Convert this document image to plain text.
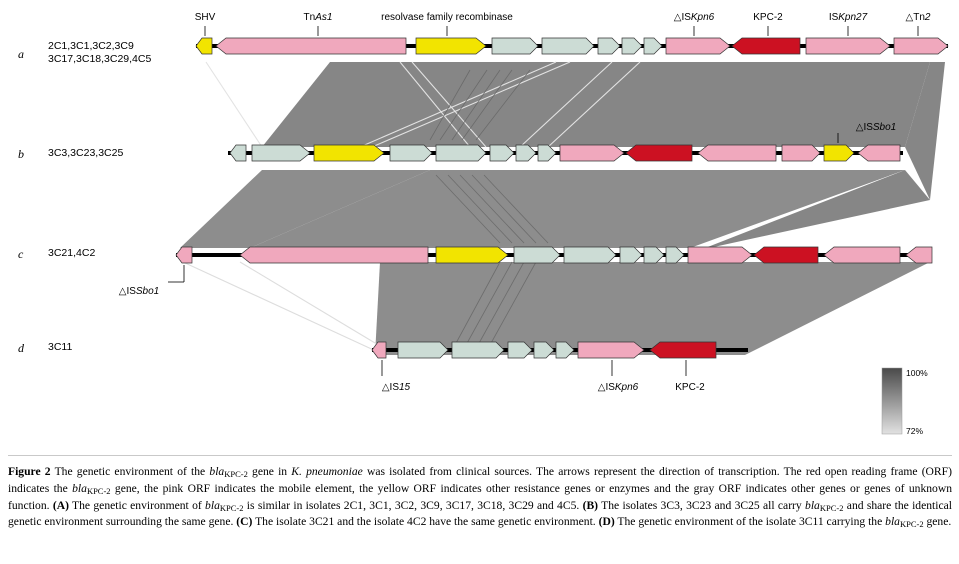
a
2C1,3C1,3C2,3C9
3C17,3C18,3C29,4C5
SHV	TnAs1	resolvase family recombinase	△ISKpn6	KPC-2	ISKpn27	△Tn2
b 3C3,3C23,3C25
△ISSbo1
c 3C21,4C2
△ISSbo1
d 3C11
△IS15	△ISKpn6	KPC-2
100%
72%
Figure 2 The genetic environment of the bla$_{KPC-2}$ gene in K. pneumoniae was isolated from clinical sources. The arrows represent the direction of transcription. The red open reading frame (ORF) indicates the bla$_{KPC-2}$ gene, the pink ORF indicates the mobile element, the yellow ORF indicates other resistance genes or enzymes and the gray ORF indicates other genes or genes of unknown function. (A) The genetic environment of bla$_{KPC-2}$ is similar in isolates 2C1, 3C1, 3C2, 3C9, 3C17, 3C18, 3C29 and 4C5. (B) The isolates 3C3, 3C23 and 3C25 all carry bla$_{KPC-2}$ and share the identical genetic environment surrounding the same gene. (C) The isolate 3C21 and the isolate 4C2 have the same genetic environment. (D) The genetic environment of the isolate 3C11 carrying the bla$_{KPC-2}$ gene.
